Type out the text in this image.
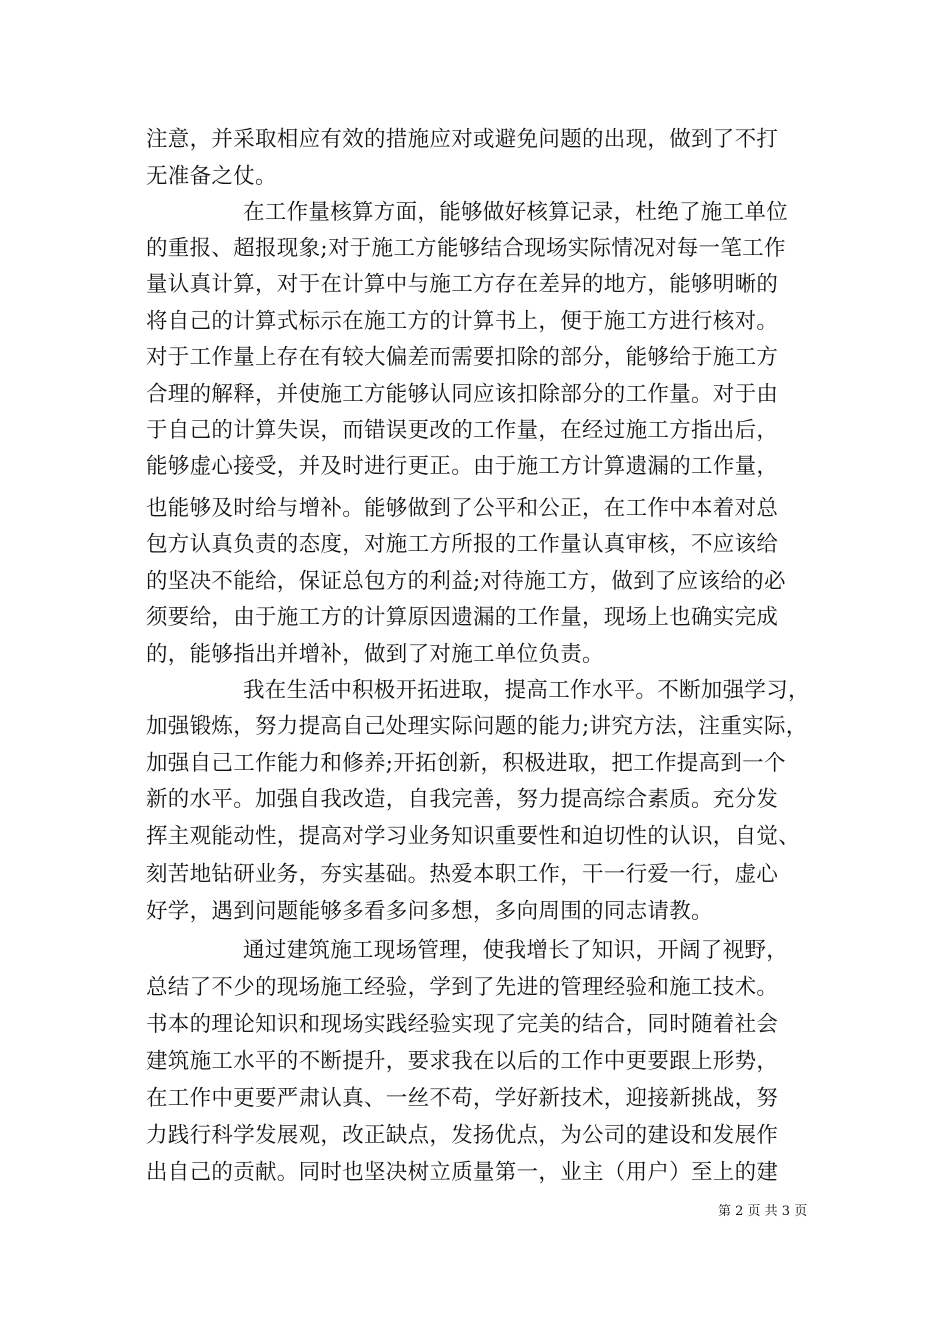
注意，并采取相应有效的措施应对或避免问题的出现，做到了不打
无准备之仗。
在工作量核算方面，能够做好核算记录，杜绝了施工单位
的重报、超报现象;对于施工方能够结合现场实际情况对每一笔工作
量认真计算，对于在计算中与施工方存在差异的地方，能够明晰的
将自己的计算式标示在施工方的计算书上，便于施工方进行核对。
对于工作量上存在有较大偏差而需要扣除的部分，能够给于施工方
合理的解释，并使施工方能够认同应该扣除部分的工作量。对于由
于自己的计算失误，而错误更改的工作量，在经过施工方指出后，
能够虚心接受，并及时进行更正。由于施工方计算遗漏的工作量，
也能够及时给与增补。能够做到了公平和公正，在工作中本着对总
包方认真负责的态度，对施工方所报的工作量认真审核，不应该给
的坚决不能给，保证总包方的利益;对待施工方，做到了应该给的必
须要给，由于施工方的计算原因遗漏的工作量，现场上也确实完成
的，能够指出并增补，做到了对施工单位负责。
我在生活中积极开拓进取，提高工作水平。不断加强学习，
加强锻炼，努力提高自己处理实际问题的能力;讲究方法，注重实际，
加强自己工作能力和修养;开拓创新，积极进取，把工作提高到一个
新的水平。加强自我改造，自我完善，努力提高综合素质。充分发
挥主观能动性，提高对学习业务知识重要性和迫切性的认识，自觉、
刻苦地钻研业务，夯实基础。热爱本职工作，干一行爱一行，虚心
好学，遇到问题能够多看多问多想，多向周围的同志请教。
通过建筑施工现场管理，使我增长了知识，开阔了视野，
总结了不少的现场施工经验，学到了先进的管理经验和施工技术。
书本的理论知识和现场实践经验实现了完美的结合，同时随着社会
建筑施工水平的不断提升，要求我在以后的工作中更要跟上形势，
在工作中更要严肃认真、一丝不苟，学好新技术，迎接新挑战，努
力践行科学发展观，改正缺点，发扬优点，为公司的建设和发展作
出自己的贡献。同时也坚决树立质量第一，业主（用户）至上的建
第 2 页 共 3 页
